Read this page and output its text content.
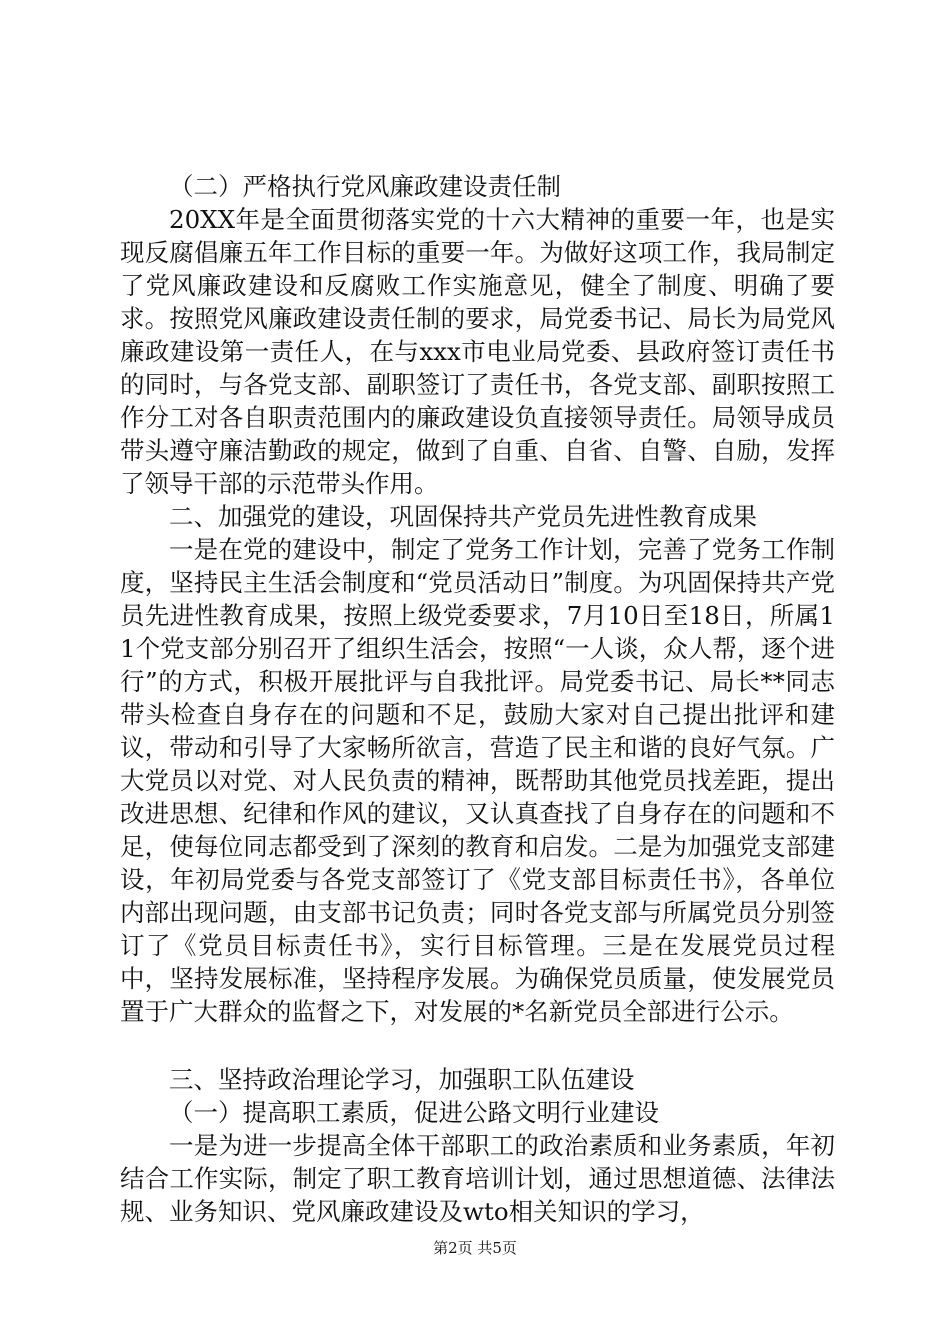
（二）严格执行党风廉政建设责任制

20XX年是全面贯彻落实党的十六大精神的重要一年，也是实现反腐倡廉五年工作目标的重要一年。为做好这项工作，我局制定了党风廉政建设和反腐败工作实施意见，健全了制度、明确了要求。按照党风廉政建设责任制的要求，局党委书记、局长为局党风廉政建设第一责任人，在与xxx市电业局党委、县政府签订责任书的同时，与各党支部、副职签订了责任书，各党支部、副职按照工作分工对各自职责范围内的廉政建设负直接领导责任。局领导成员带头遵守廉洁勤政的规定，做到了自重、自省、自警、自励，发挥了领导干部的示范带头作用。

二、加强党的建设，巩固保持共产党员先进性教育成果

一是在党的建设中，制定了党务工作计划，完善了党务工作制度，坚持民主生活会制度和“党员活动日”制度。为巩固保持共产党员先进性教育成果，按照上级党委要求，7月10日至18日，所属11个党支部分别召开了组织生活会，按照“一人谈，众人帮，逐个进行”的方式，积极开展批评与自我批评。局党委书记、局长**同志带头检查自身存在的问题和不足，鼓励大家对自己提出批评和建议，带动和引导了大家畅所欲言，营造了民主和谐的良好气氛。广大党员以对党、对人民负责的精神，既帮助其他党员找差距，提出改进思想、纪律和作风的建议，又认真查找了自身存在的问题和不足，使每位同志都受到了深刻的教育和启发。二是为加强党支部建设，年初局党委与各党支部签订了《党支部目标责任书》，各单位内部出现问题，由支部书记负责；同时各党支部与所属党员分别签订了《党员目标责任书》，实行目标管理。三是在发展党员过程中，坚持发展标准，坚持程序发展。为确保党员质量，使发展党员置于广大群众的监督之下，对发展的*名新党员全部进行公示。

三、坚持政治理论学习，加强职工队伍建设

（一）提高职工素质，促进公路文明行业建设

一是为进一步提高全体干部职工的政治素质和业务素质，年初结合工作实际，制定了职工教育培训计划，通过思想道德、法律法规、业务知识、党风廉政建设及wto相关知识的学习，

第2页 共5页
